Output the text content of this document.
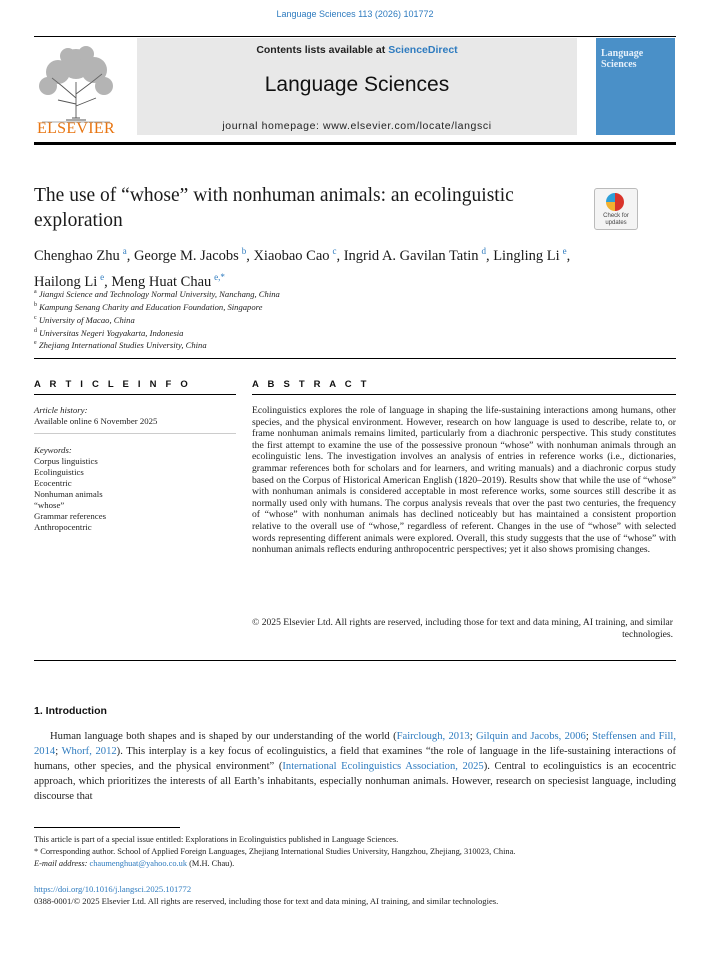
Language Sciences 113 (2026) 101772
ELSEVIER
Contents lists available at ScienceDirect
Language Sciences
journal homepage: www.elsevier.com/locate/langsci
Language Sciences
The use of “whose” with nonhuman animals: an ecolinguistic exploration	Check for
updates
Chenghao Zhu  $^a$, George M. Jacobs  $^b$, Xiaobao Cao  $^c$, Ingrid A. Gavilan Tatin  $^d$, Lingling Li  $^e$, Hailong Li  $^e$, Meng Huat Chau  $^{e,*}$
$^a$ Jiangxi Science and Technology Normal University, Nanchang, China
$^b$ Kampung Senang Charity and Education Foundation, Singapore
$^c$ University of Macao, China
$^d$ Universitas Negeri Yogyakarta, Indonesia
$^e$ Zhejiang International Studies University, China
A R T I C L E I N F O	A B S T R A C T
Article history:
Available online 6 November 2025
Keywords:
Corpus linguistics
Ecolinguistics
Ecocentric
Nonhuman animals
“whose”
Grammar references
Anthropocentric
Ecolinguistics explores the role of language in shaping the life-sustaining interactions among humans, other species, and the physical environment. However, research on how language is used to describe, relate to, or frame nonhuman animals remains limited, particularly from a diachronic perspective. This study constitutes the first attempt to examine the use of the possessive pronoun “whose” with nonhuman animals through an ecolinguistic lens. The investigation involves an analysis of entries in reference works (i.e., dictionaries, grammar references both for scholars and for learners, and writing manuals) and a diachronic corpus study based on the Corpus of Historical American English (1820–2019). Results show that while the use of “whose” with nonhuman animals is considered acceptable in most reference works, some sources still describe it as normally used only with humans. The corpus analysis reveals that over the past two centuries, the frequency of “whose” with nonhuman animals has declined noticeably but has maintained a consistent proportion relative to the overall use of “whose,” regardless of referent. Changes in the use of “whose” with selected words representing different animals were explored. Overall, this study suggests that the use of “whose” with nonhuman animals reflects enduring anthropocentric perspectives; yet it also shows promising changes.
© 2025 Elsevier Ltd. All rights are reserved, including those for text and data mining, AI training, and similar technologies.
1. Introduction
Human language both shapes and is shaped by our understanding of the world (Fairclough, 2013; Gilquin and Jacobs, 2006; Steffensen and Fill, 2014; Whorf, 2012). This interplay is a key focus of ecolinguistics, a field that examines “the role of language in the life-sustaining interactions of humans, other species, and the physical environment” (International Ecolinguistics Association, 2025). Central to ecolinguistics is an ecocentric approach, which prioritizes the interests of all Earth’s inhabitants, especially nonhuman animals. However, research on speciesist language, including discourse that
This article is part of a special issue entitled: Explorations in Ecolinguistics published in Language Sciences.
* Corresponding author. School of Applied Foreign Languages, Zhejiang International Studies University, Hangzhou, Zhejiang, 310023, China.
E-mail address: chaumenghuat@yahoo.co.uk (M.H. Chau).
https://doi.org/10.1016/j.langsci.2025.101772
0388-0001/© 2025 Elsevier Ltd. All rights are reserved, including those for text and data mining, AI training, and similar technologies.
